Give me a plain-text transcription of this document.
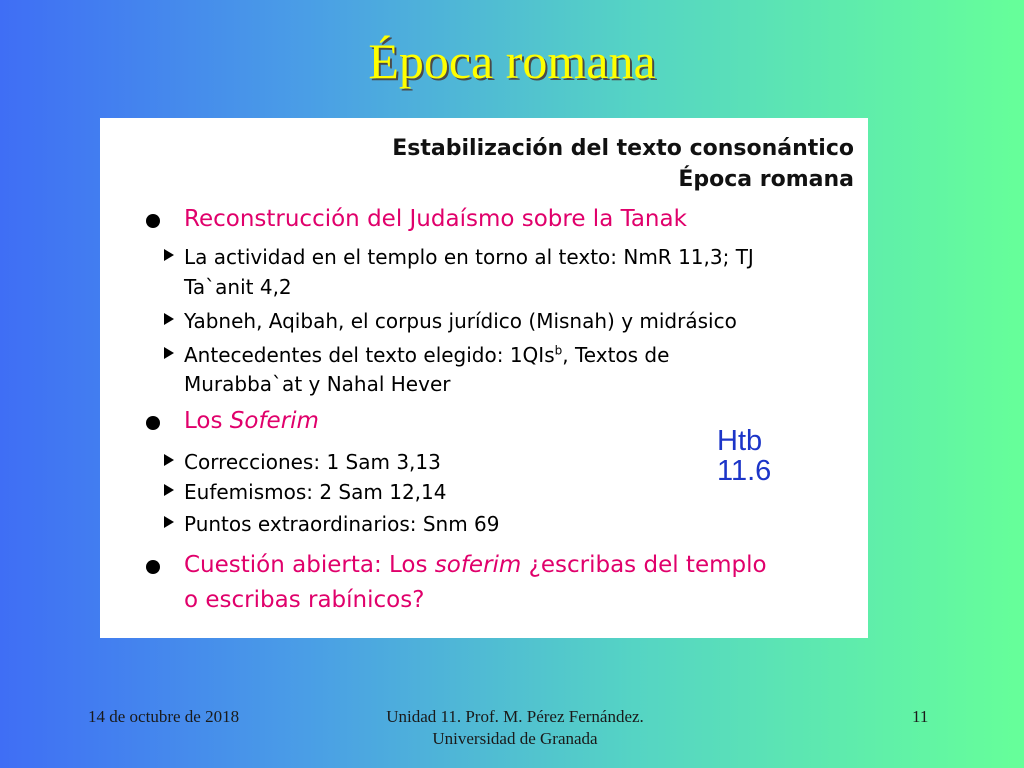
Época romana
Estabilización del texto consonántico
Época romana
Reconstrucción del Judaísmo sobre la Tanak
La actividad en el templo en torno al texto: NmR 11,3; TJ
Ta`anit 4,2
Yabneh, Aqibah, el corpus jurídico (Misnah) y midrásico
Antecedentes del texto elegido: 1QIs$^b$, Textos de
Murabba`at y Nahal Hever
Los Soferim
Correcciones: 1 Sam 3,13
Eufemismos: 2 Sam 12,14
Puntos extraordinarios: Snm 69
Cuestión abierta: Los soferim ¿escribas del templo
o escribas rabínicos?
Htb
11.6
14 de octubre de 2018	Unidad 11. Prof. M. Pérez Fernández.
Universidad de Granada
11
